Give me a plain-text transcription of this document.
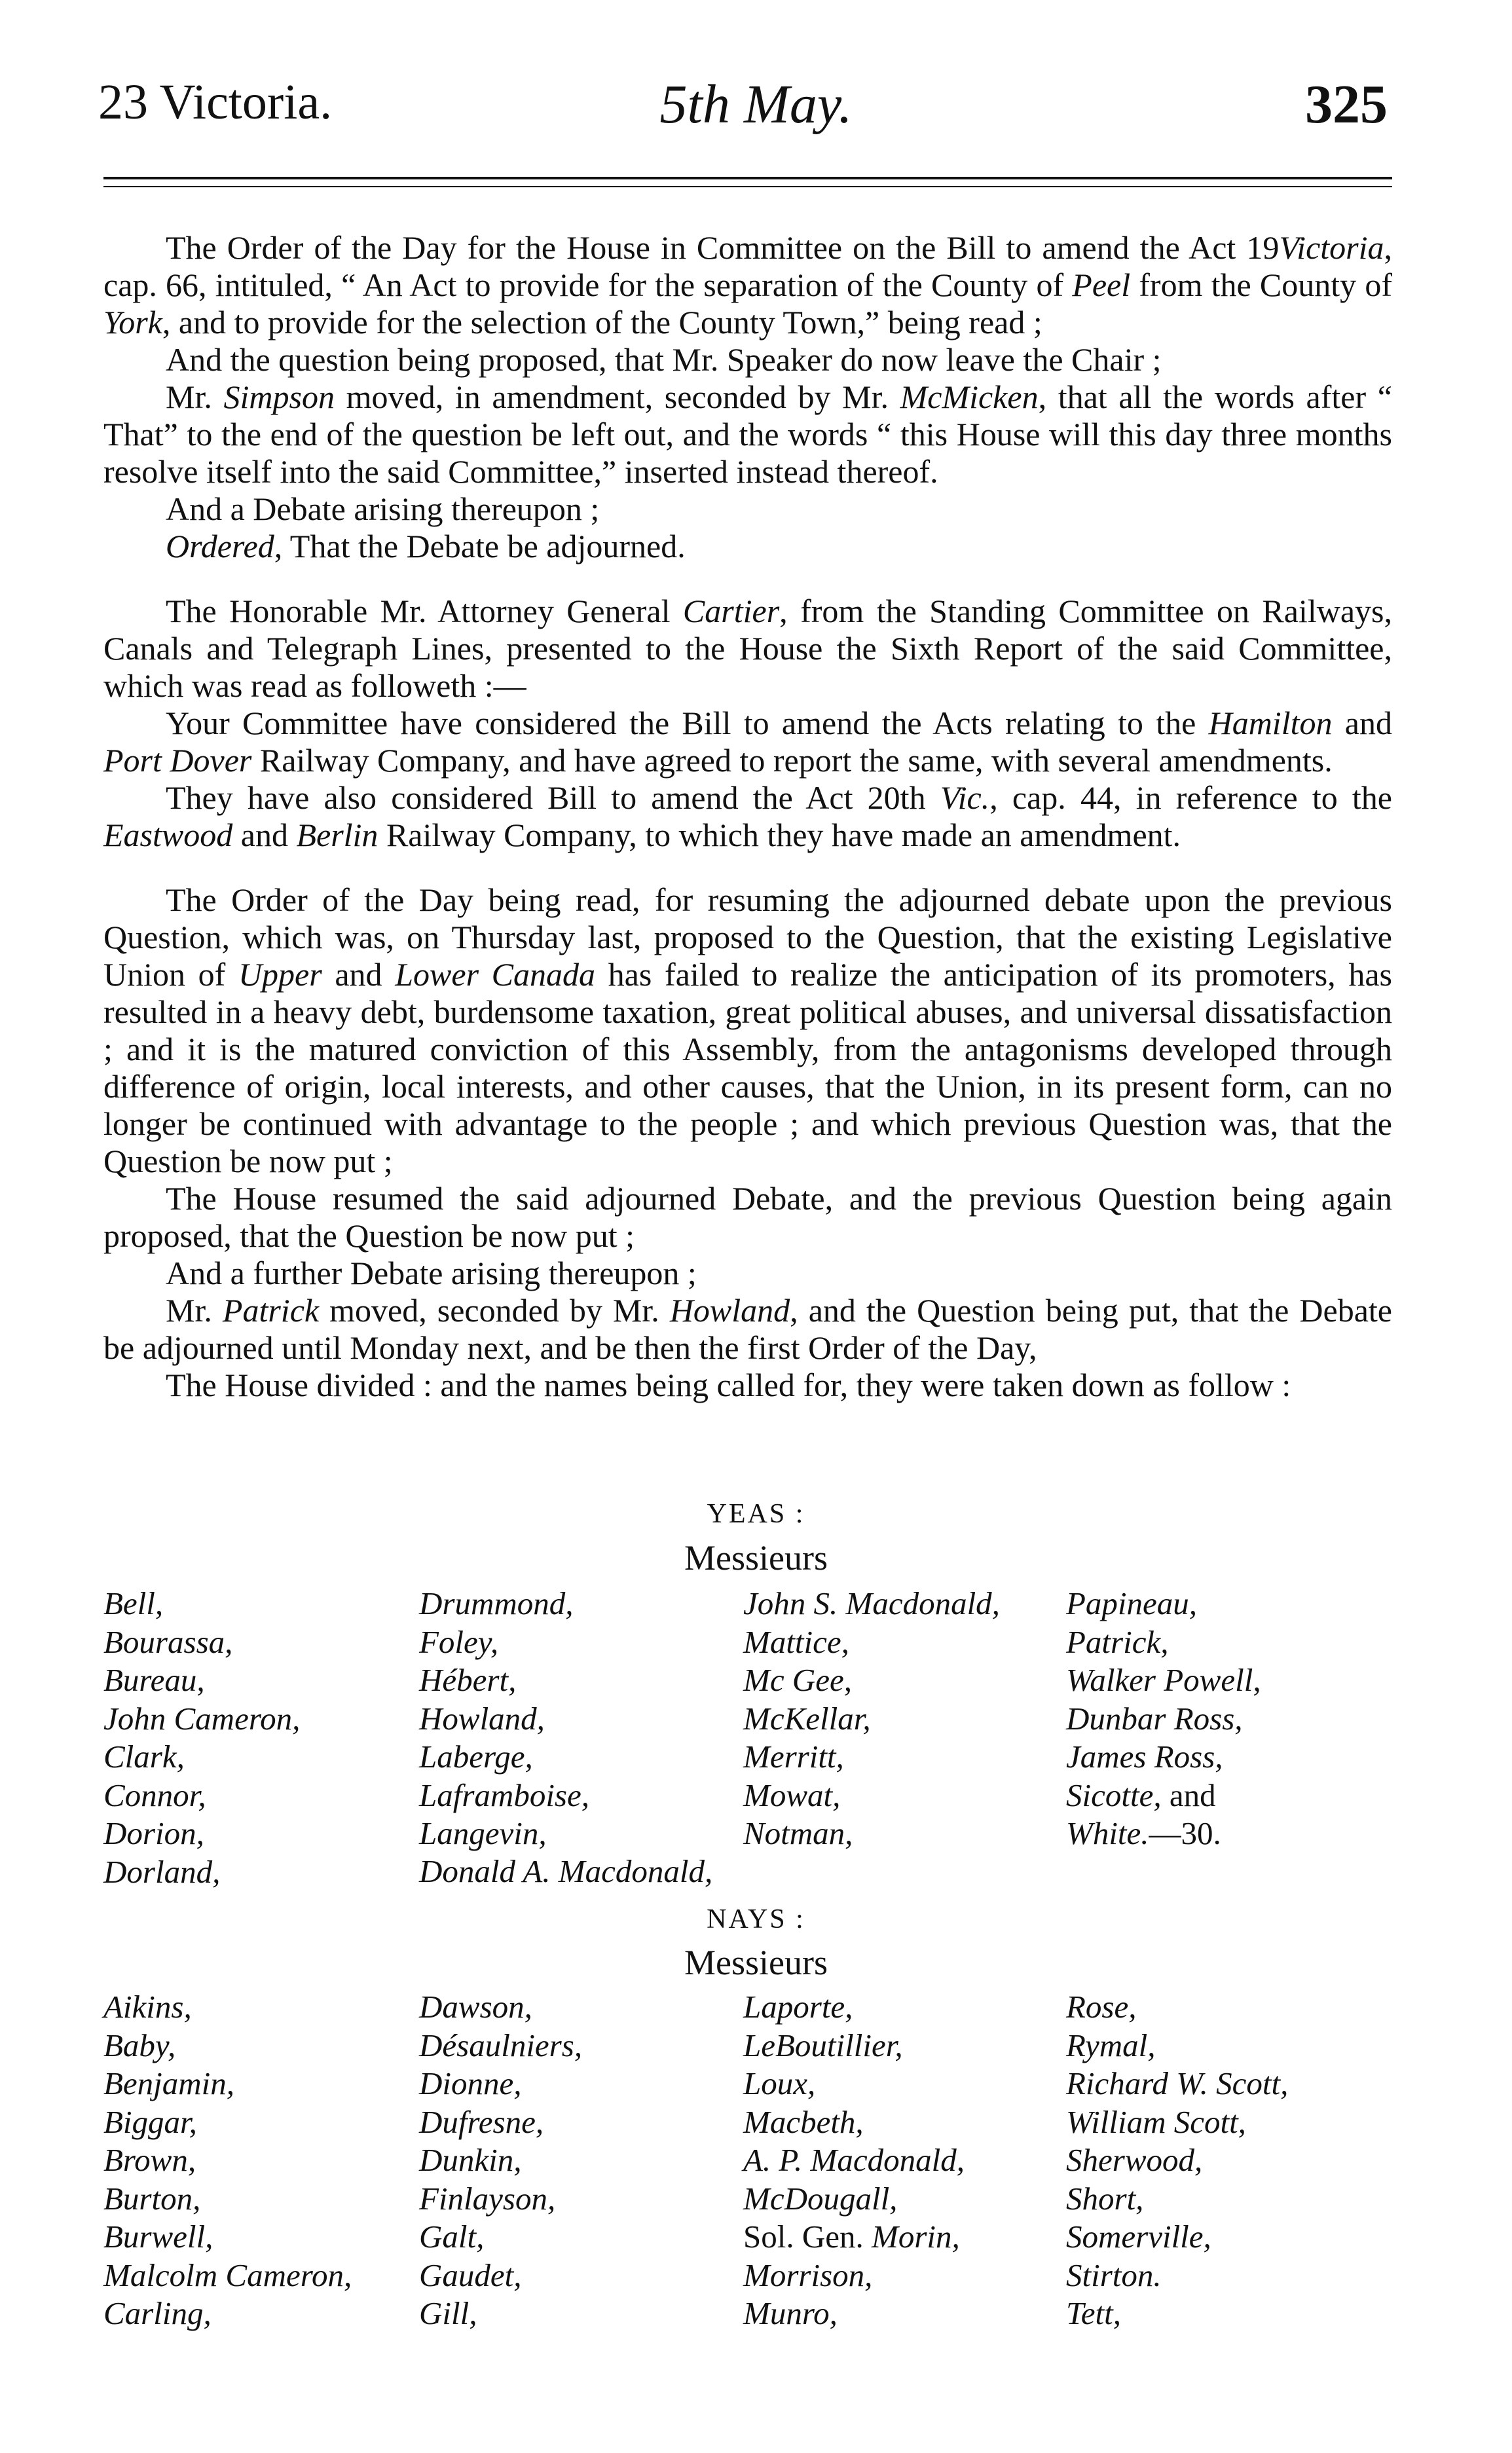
23 Victoria.	5th May.	325

The Order of the Day for the House in Committee on the Bill to amend the Act 19Victoria, cap. 66, intituled, “ An Act to provide for the separation of the County of Peel from the County of York, and to provide for the selection of the County Town,” being read ;

And the question being proposed, that Mr. Speaker do now leave the Chair ;

Mr. Simpson moved, in amendment, seconded by Mr. McMicken, that all the words after “ That” to the end of the question be left out, and the words “ this House will this day three months resolve itself into the said Committee,” inserted instead thereof.

And a Debate arising thereupon ;

Ordered, That the Debate be adjourned.

The Honorable Mr. Attorney General Cartier, from the Standing Committee on Railways, Canals and Telegraph Lines, presented to the House the Sixth Report of the said Committee, which was read as followeth :—

Your Committee have considered the Bill to amend the Acts relating to the Hamilton and Port Dover Railway Company, and have agreed to report the same, with several amendments.

They have also considered Bill to amend the Act 20th Vic., cap. 44, in reference to the Eastwood and Berlin Railway Company, to which they have made an amendment.

The Order of the Day being read, for resuming the adjourned debate upon the previous Question, which was, on Thursday last, proposed to the Question, that the existing Legislative Union of Upper and Lower Canada has failed to realize the anticipation of its promoters, has resulted in a heavy debt, burdensome taxation, great political abuses, and universal dissatisfaction ; and it is the matured conviction of this Assembly, from the antagonisms developed through difference of origin, local interests, and other causes, that the Union, in its present form, can no longer be continued with advantage to the people ; and which previous Question was, that the Question be now put ;

The House resumed the said adjourned Debate, and the previous Question being again proposed, that the Question be now put ;

And a further Debate arising thereupon ;

Mr. Patrick moved, seconded by Mr. Howland, and the Question being put, that the Debate be adjourned until Monday next, and be then the first Order of the Day,

The House divided : and the names being called for, they were taken down as follow :

YEAS :
Messieurs
Bell,
Bourassa,
Bureau,
John Cameron,
Clark,
Connor,
Dorion,
Dorland,
Drummond,
Foley,
Hébert,
Howland,
Laberge,
Laframboise,
Langevin,
Donald A. Macdonald,
John S. Macdonald,
Mattice,
Mc Gee,
McKellar,
Merritt,
Mowat,
Notman,
Papineau,
Patrick,
Walker Powell,
Dunbar Ross,
James Ross,
Sicotte, and
White.—30.
NAYS :
Messieurs
Aikins,
Baby,
Benjamin,
Biggar,
Brown,
Burton,
Burwell,
Malcolm Cameron,
Carling,
Dawson,
Désaulniers,
Dionne,
Dufresne,
Dunkin,
Finlayson,
Galt,
Gaudet,
Gill,
Laporte,
LeBoutillier,
Loux,
Macbeth,
A. P. Macdonald,
McDougall,
Sol. Gen. Morin,
Morrison,
Munro,
Rose,
Rymal,
Richard W. Scott,
William Scott,
Sherwood,
Short,
Somerville,
Stirton.
Tett,
